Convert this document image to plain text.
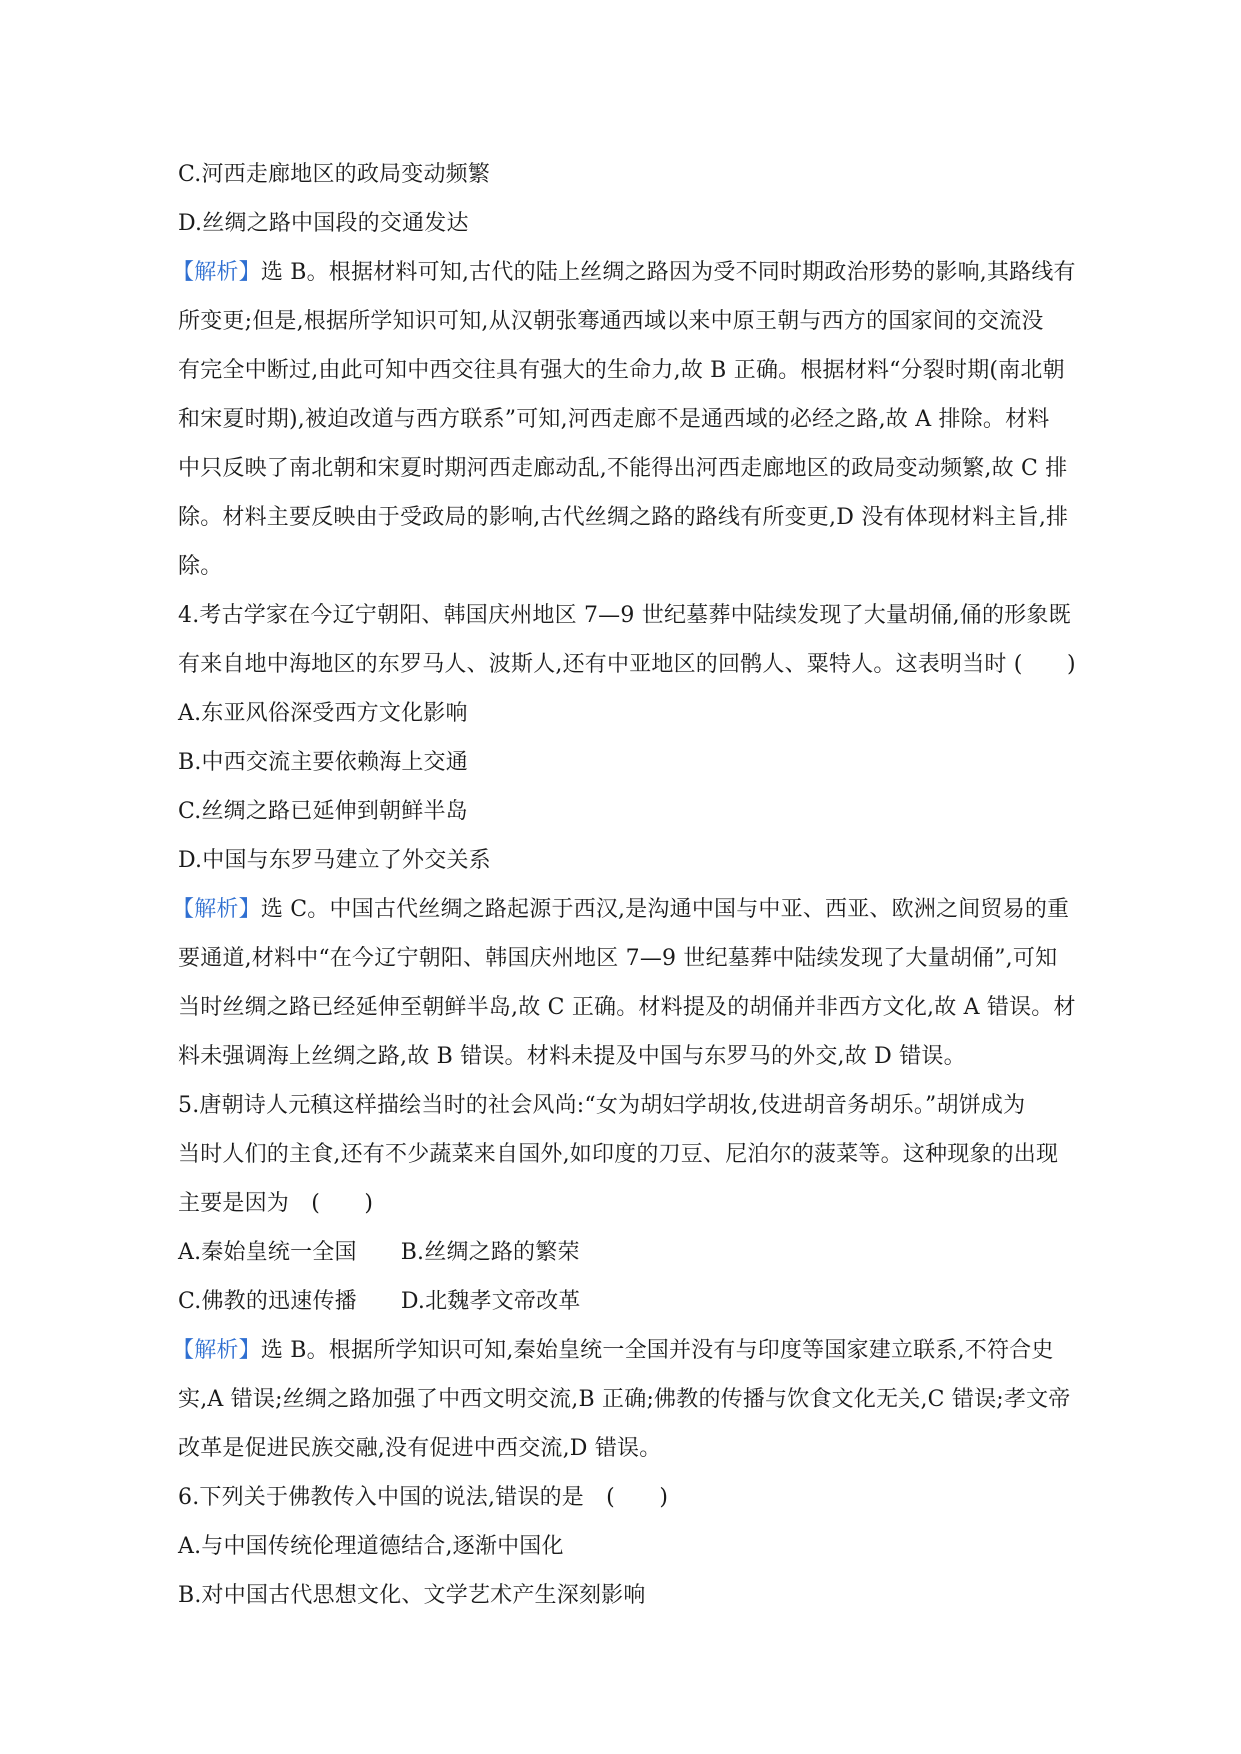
C.河西走廊地区的政局变动频繁
D.丝绸之路中国段的交通发达
【解析】选 B。根据材料可知,古代的陆上丝绸之路因为受不同时期政治形势的影响,其路线有
所变更;但是,根据所学知识可知,从汉朝张骞通西域以来中原王朝与西方的国家间的交流没
有完全中断过,由此可知中西交往具有强大的生命力,故 B 正确。根据材料“分裂时期(南北朝
和宋夏时期),被迫改道与西方联系”可知,河西走廊不是通西域的必经之路,故 A 排除。材料
中只反映了南北朝和宋夏时期河西走廊动乱,不能得出河西走廊地区的政局变动频繁,故 C 排
除。材料主要反映由于受政局的影响,古代丝绸之路的路线有所变更,D 没有体现材料主旨,排
除。
4.考古学家在今辽宁朝阳、韩国庆州地区 7—9 世纪墓葬中陆续发现了大量胡俑,俑的形象既
有来自地中海地区的东罗马人、波斯人,还有中亚地区的回鹘人、粟特人。这表明当时 (　　)
A.东亚风俗深受西方文化影响
B.中西交流主要依赖海上交通
C.丝绸之路已延伸到朝鲜半岛
D.中国与东罗马建立了外交关系
【解析】选 C。中国古代丝绸之路起源于西汉,是沟通中国与中亚、西亚、欧洲之间贸易的重
要通道,材料中“在今辽宁朝阳、韩国庆州地区 7—9 世纪墓葬中陆续发现了大量胡俑”,可知
当时丝绸之路已经延伸至朝鲜半岛,故 C 正确。材料提及的胡俑并非西方文化,故 A 错误。材
料未强调海上丝绸之路,故 B 错误。材料未提及中国与东罗马的外交,故 D 错误。
5.唐朝诗人元稹这样描绘当时的社会风尚:“女为胡妇学胡妆,伎进胡音务胡乐。”胡饼成为
当时人们的主食,还有不少蔬菜来自国外,如印度的刀豆、尼泊尔的菠菜等。这种现象的出现
主要是因为　(　　)
A.秦始皇统一全国 B.丝绸之路的繁荣
C.佛教的迅速传播 D.北魏孝文帝改革
【解析】选 B。根据所学知识可知,秦始皇统一全国并没有与印度等国家建立联系,不符合史
实,A 错误;丝绸之路加强了中西文明交流,B 正确;佛教的传播与饮食文化无关,C 错误;孝文帝
改革是促进民族交融,没有促进中西交流,D 错误。
6.下列关于佛教传入中国的说法,错误的是　(　　)
A.与中国传统伦理道德结合,逐渐中国化
B.对中国古代思想文化、文学艺术产生深刻影响
